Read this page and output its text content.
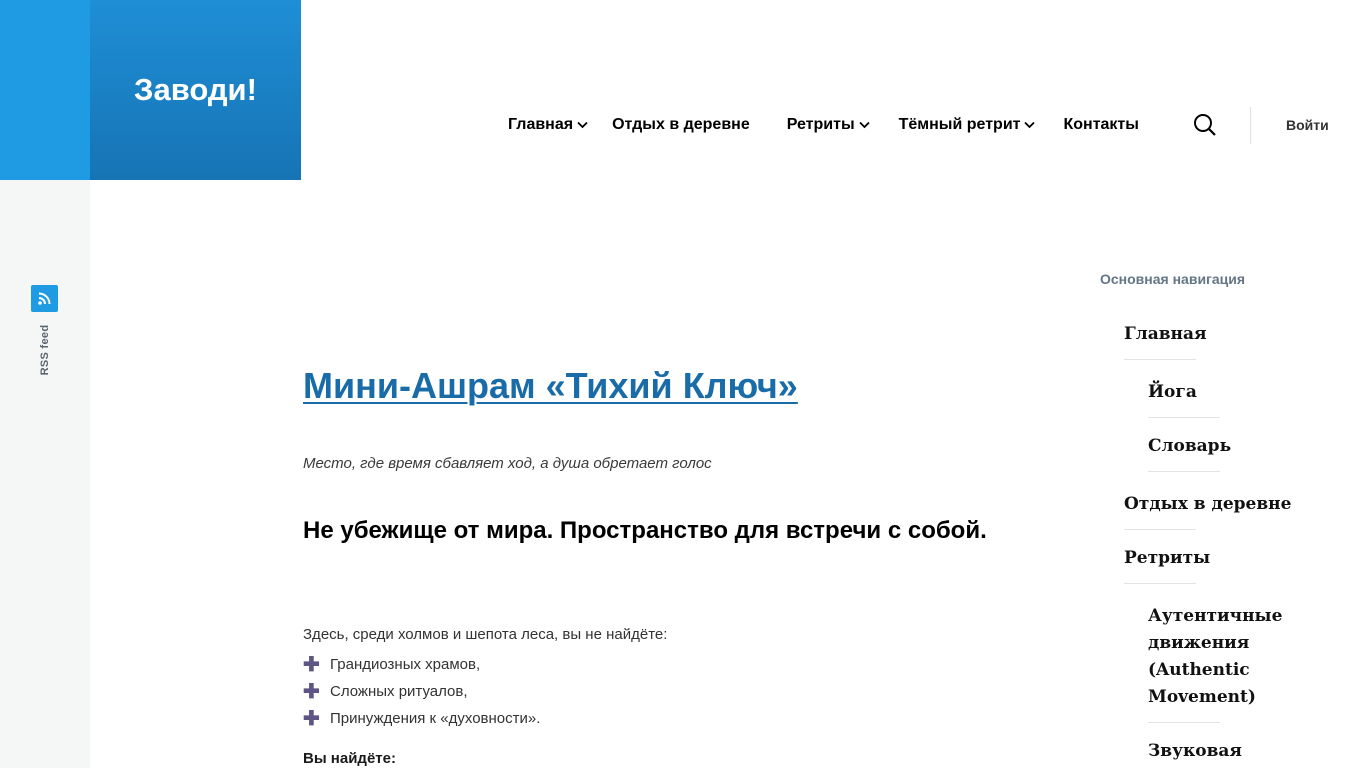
RSS feed
Заводи!
Главная Отдых в деревне Ретриты	Тёмный ретрит	Контакты	Войти
Мини-Ашрам «Тихий Ключ»

Место, где время сбавляет ход, а душа обретает голос

Не убежище от мира. Пространство для встречи с собой.

Здесь, среди холмов и шепота леса, вы не найдёте:

✚ Грандиозных храмов,
✚ Сложных ритуалов,
✚ Принуждения к «духовности».

Вы найдёте:

Основная навигация
Главная
Йога
Словарь
Отдых в деревне
Ретриты
Аутентичные движения (Authentic Movement)
Звуковая
